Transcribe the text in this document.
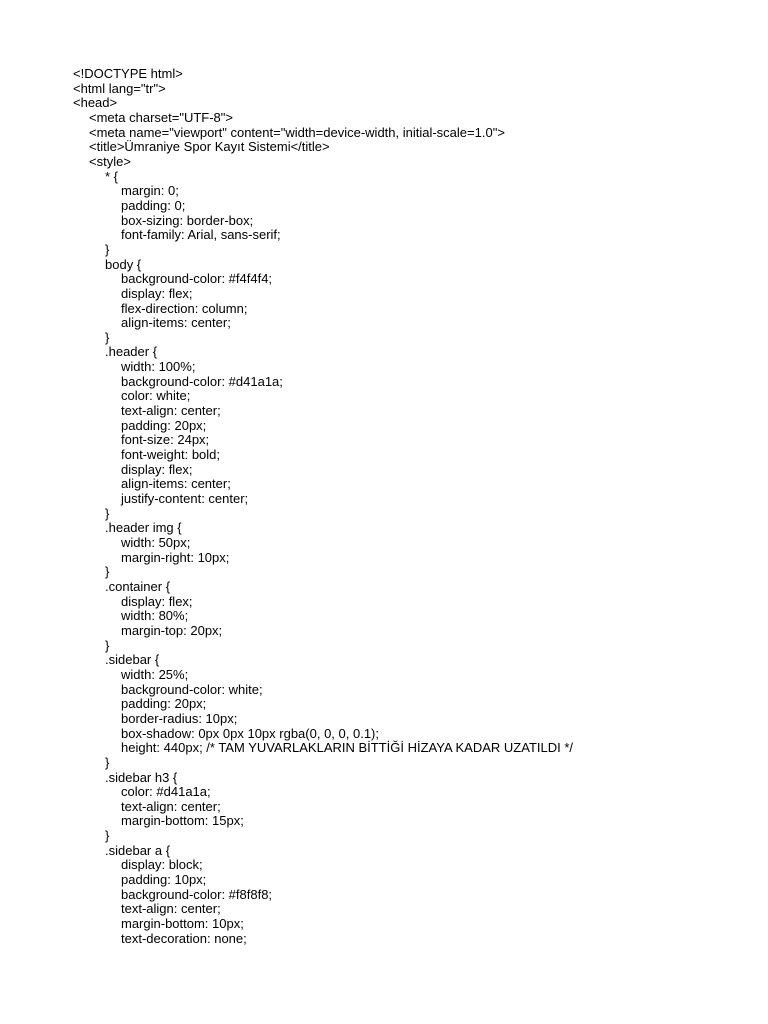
<!DOCTYPE html>
<html lang="tr">
<head>
<meta charset="UTF-8">
<meta name="viewport" content="width=device-width, initial-scale=1.0">
<title>Ümraniye Spor Kayıt Sistemi</title>
<style>
* {
margin: 0;
padding: 0;
box-sizing: border-box;
font-family: Arial, sans-serif;
}
body {
background-color: #f4f4f4;
display: flex;
flex-direction: column;
align-items: center;
}
.header {
width: 100%;
background-color: #d41a1a;
color: white;
text-align: center;
padding: 20px;
font-size: 24px;
font-weight: bold;
display: flex;
align-items: center;
justify-content: center;
}
.header img {
width: 50px;
margin-right: 10px;
}
.container {
display: flex;
width: 80%;
margin-top: 20px;
}
.sidebar {
width: 25%;
background-color: white;
padding: 20px;
border-radius: 10px;
box-shadow: 0px 0px 10px rgba(0, 0, 0, 0.1);
height: 440px; /* TAM YUVARLAKLARIN BİTTİĞİ HİZAYA KADAR UZATILDI */
}
.sidebar h3 {
color: #d41a1a;
text-align: center;
margin-bottom: 15px;
}
.sidebar a {
display: block;
padding: 10px;
background-color: #f8f8f8;
text-align: center;
margin-bottom: 10px;
text-decoration: none;
